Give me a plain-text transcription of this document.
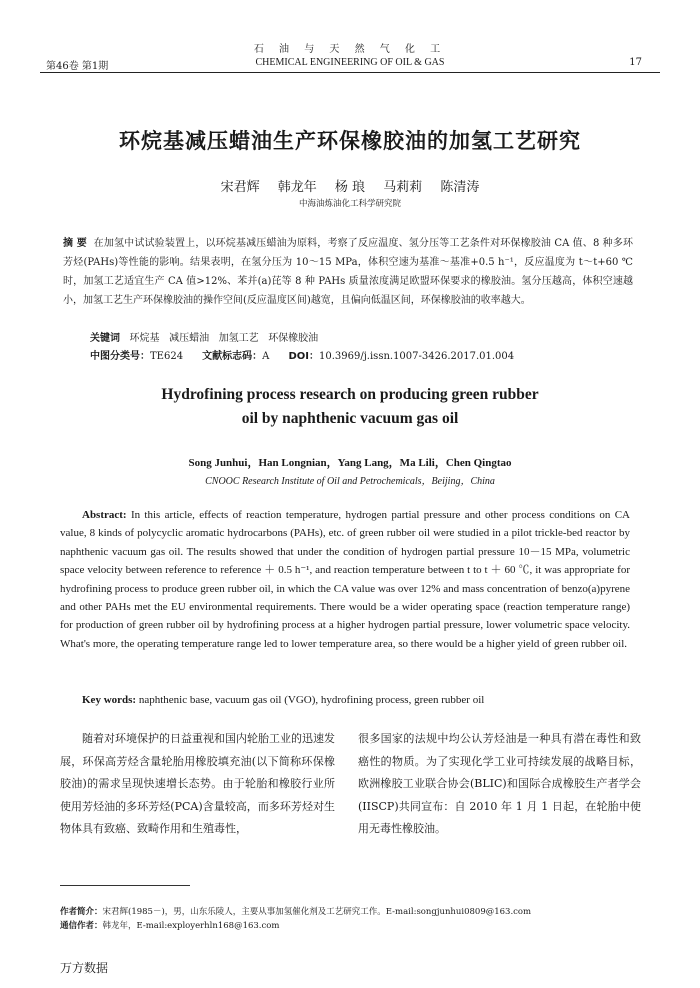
石 油 与 天 然 气 化 工
第46卷 第1期	CHEMICAL ENGINEERING OF OIL & GAS	17
环烷基减压蜡油生产环保橡胶油的加氢工艺研究
宋君辉 韩龙年 杨 琅 马莉莉 陈清涛
中海油炼油化工科学研究院
摘 要 在加氢中试试验装置上，以环烷基减压蜡油为原料，考察了反应温度、氢分压等工艺条件对环保橡胶油 CA 值、8 种多环芳烃(PAHs)等性能的影响。结果表明，在氢分压为 10～15 MPa，体积空速为基准～基准+0.5 h⁻¹，反应温度为 t～t+60 ℃时，加氢工艺适宜生产 CA 值>12%、苯并(a)芘等 8 种 PAHs 质量浓度满足欧盟环保要求的橡胶油。氢分压越高，体积空速越小，加氢工艺生产环保橡胶油的操作空间(反应温度区间)越宽，且偏向低温区间，环保橡胶油的收率越大。
关键词 环烷基 减压蜡油 加氢工艺 环保橡胶油
中图分类号：TE624 文献标志码：A DOI：10.3969/j.issn.1007-3426.2017.01.004
Hydrofining process research on producing green rubber
oil by naphthenic vacuum gas oil
Song Junhui，Han Longnian，Yang Lang，Ma Lili，Chen Qingtao
CNOOC Research Institute of Oil and Petrochemicals，Beijing，China
Abstract: In this article, effects of reaction temperature, hydrogen partial pressure and other process conditions on CA value, 8 kinds of polycyclic aromatic hydrocarbons (PAHs), etc. of green rubber oil were studied in a pilot trickle-bed reactor by naphthenic vacuum gas oil. The results showed that under the condition of hydrogen partial pressure 10－15 MPa, volumetric space velocity between reference to reference ＋ 0.5 h⁻¹, and reaction temperature between t to t ＋ 60 ℃, it was appropriate for hydrofining process to produce green rubber oil, in which the CA value was over 12% and mass concentration of benzo(a)pyrene and other PAHs met the EU environmental requirements. There would be a wider operating space (reaction temperature range) for production of green rubber oil by hydrofining process at a higher hydrogen partial pressure, lower volumetric space velocity. What's more, the operating temperature range led to lower temperature area, so there would be a higher yield of green rubber oil.
Key words: naphthenic base, vacuum gas oil (VGO), hydrofining process, green rubber oil
随着对环境保护的日益重视和国内轮胎工业的迅速发展，环保高芳烃含量轮胎用橡胶填充油(以下简称环保橡胶油)的需求呈现快速增长态势。由于轮胎和橡胶行业所使用芳烃油的多环芳烃(PCA)含量较高，而多环芳烃对生物体具有致癌、致畸作用和生殖毒性，
很多国家的法规中均公认芳烃油是一种具有潜在毒性和致癌性的物质。为了实现化学工业可持续发展的战略目标，欧洲橡胶工业联合协会(BLIC)和国际合成橡胶生产者学会(IISCP)共同宣布：自 2010 年 1 月 1 日起，在轮胎中使用无毒性橡胶油。
作者简介：宋君辉(1985－)，男，山东乐陵人，主要从事加氢催化剂及工艺研究工作。E-mail:songjunhui0809@163.com
通信作者：韩龙年，E-mail:exployerhln168@163.com
万方数据
